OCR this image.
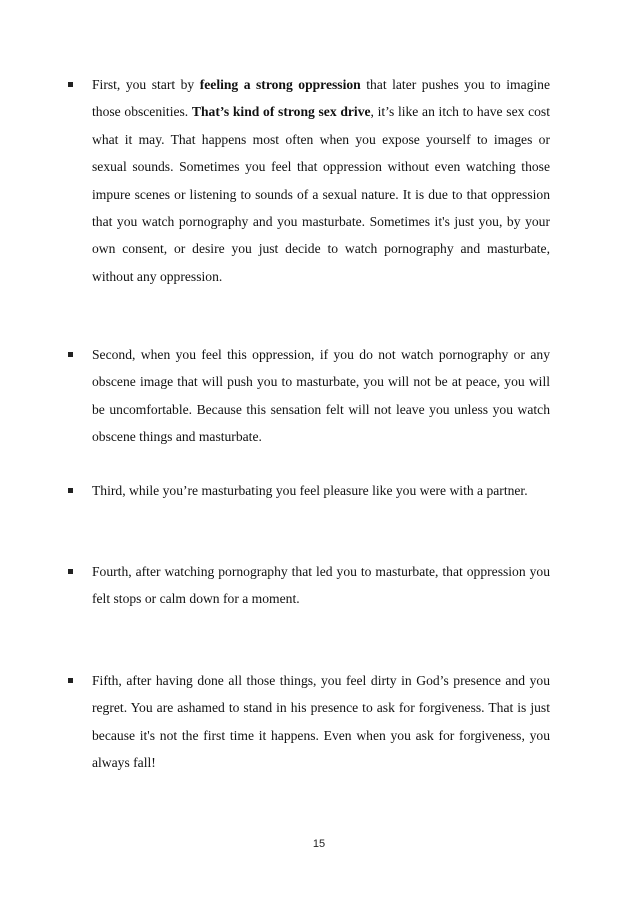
First, you start by feeling a strong oppression that later pushes you to imagine those obscenities. That’s kind of strong sex drive, it’s like an itch to have sex cost what it may. That happens most often when you expose yourself to images or sexual sounds. Sometimes you feel that oppression without even watching those impure scenes or listening to sounds of a sexual nature. It is due to that oppression that you watch pornography and you masturbate. Sometimes it's just you, by your own consent, or desire you just decide to watch pornography and masturbate, without any oppression.

Second, when you feel this oppression, if you do not watch pornography or any obscene image that will push you to masturbate, you will not be at peace, you will be uncomfortable. Because this sensation felt will not leave you unless you watch obscene things and masturbate.

Third, while you’re masturbating you feel pleasure like you were with a partner.

Fourth, after watching pornography that led you to masturbate, that oppression you felt stops or calm down for a moment.

Fifth, after having done all those things, you feel dirty in God’s presence and you regret. You are ashamed to stand in his presence to ask for forgiveness. That is just because it's not the first time it happens. Even when you ask for forgiveness, you always fall!

15
